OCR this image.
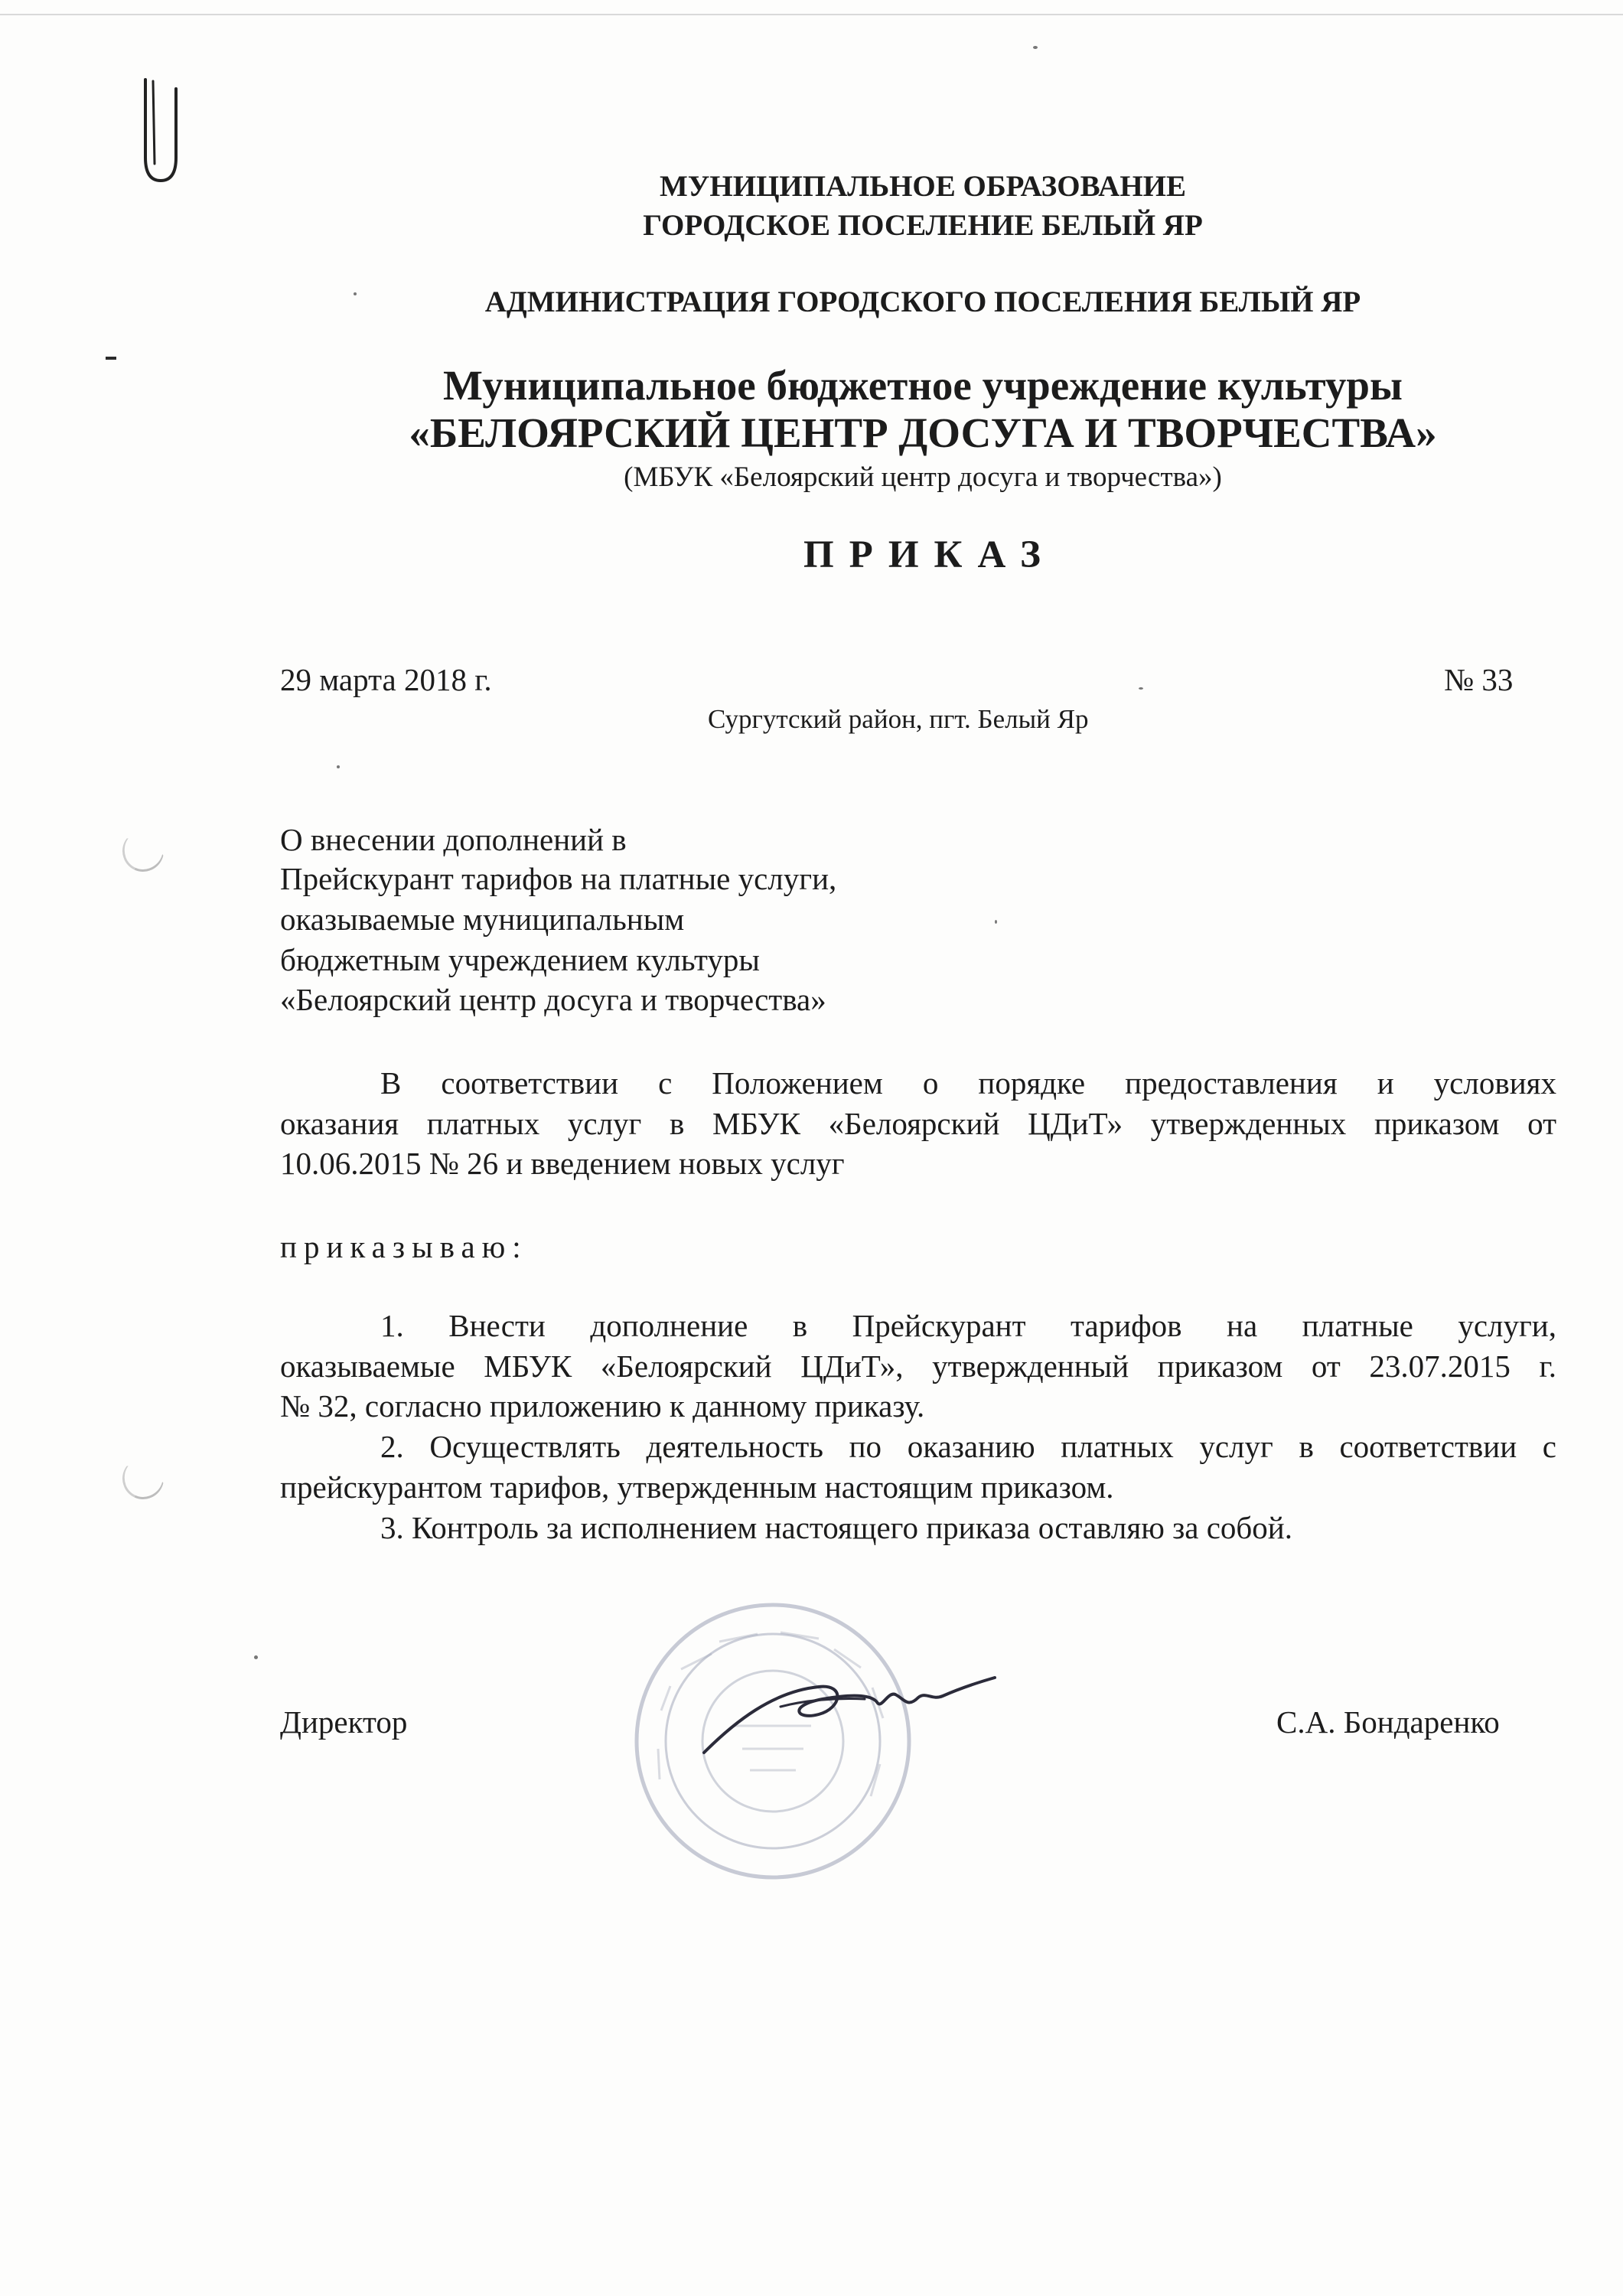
МУНИЦИПАЛЬНОЕ ОБРАЗОВАНИЕ
ГОРОДСКОЕ ПОСЕЛЕНИЕ БЕЛЫЙ ЯР
АДМИНИСТРАЦИЯ ГОРОДСКОГО ПОСЕЛЕНИЯ БЕЛЫЙ ЯР
Муниципальное бюджетное учреждение культуры
«БЕЛОЯРСКИЙ ЦЕНТР ДОСУГА И ТВОРЧЕСТВА»
(МБУК «Белоярский центр досуга и творчества»)
ПРИКАЗ
29 марта 2018 г.	№ 33
Сургутский район, пгт. Белый Яр
О внесении дополнений в
Прейскурант тарифов на платные услуги,
оказываемые муниципальным
бюджетным учреждением культуры
«Белоярский центр досуга и творчества»
В соответствии с Положением о порядке предоставления и условиях
оказания платных услуг в МБУК «Белоярский ЦДиТ» утвержденных приказом от
10.06.2015 № 26 и введением новых услуг
приказываю:
1. Внести дополнение в Прейскурант тарифов на платные услуги,
оказываемые МБУК «Белоярский ЦДиТ», утвержденный приказом от 23.07.2015 г.
№ 32, согласно приложению к данному приказу.
2. Осуществлять деятельность по оказанию платных услуг в соответствии с
прейскурантом тарифов, утвержденным настоящим приказом.
3. Контроль за исполнением настоящего приказа оставляю за собой.
Директор	С.А. Бондаренко
